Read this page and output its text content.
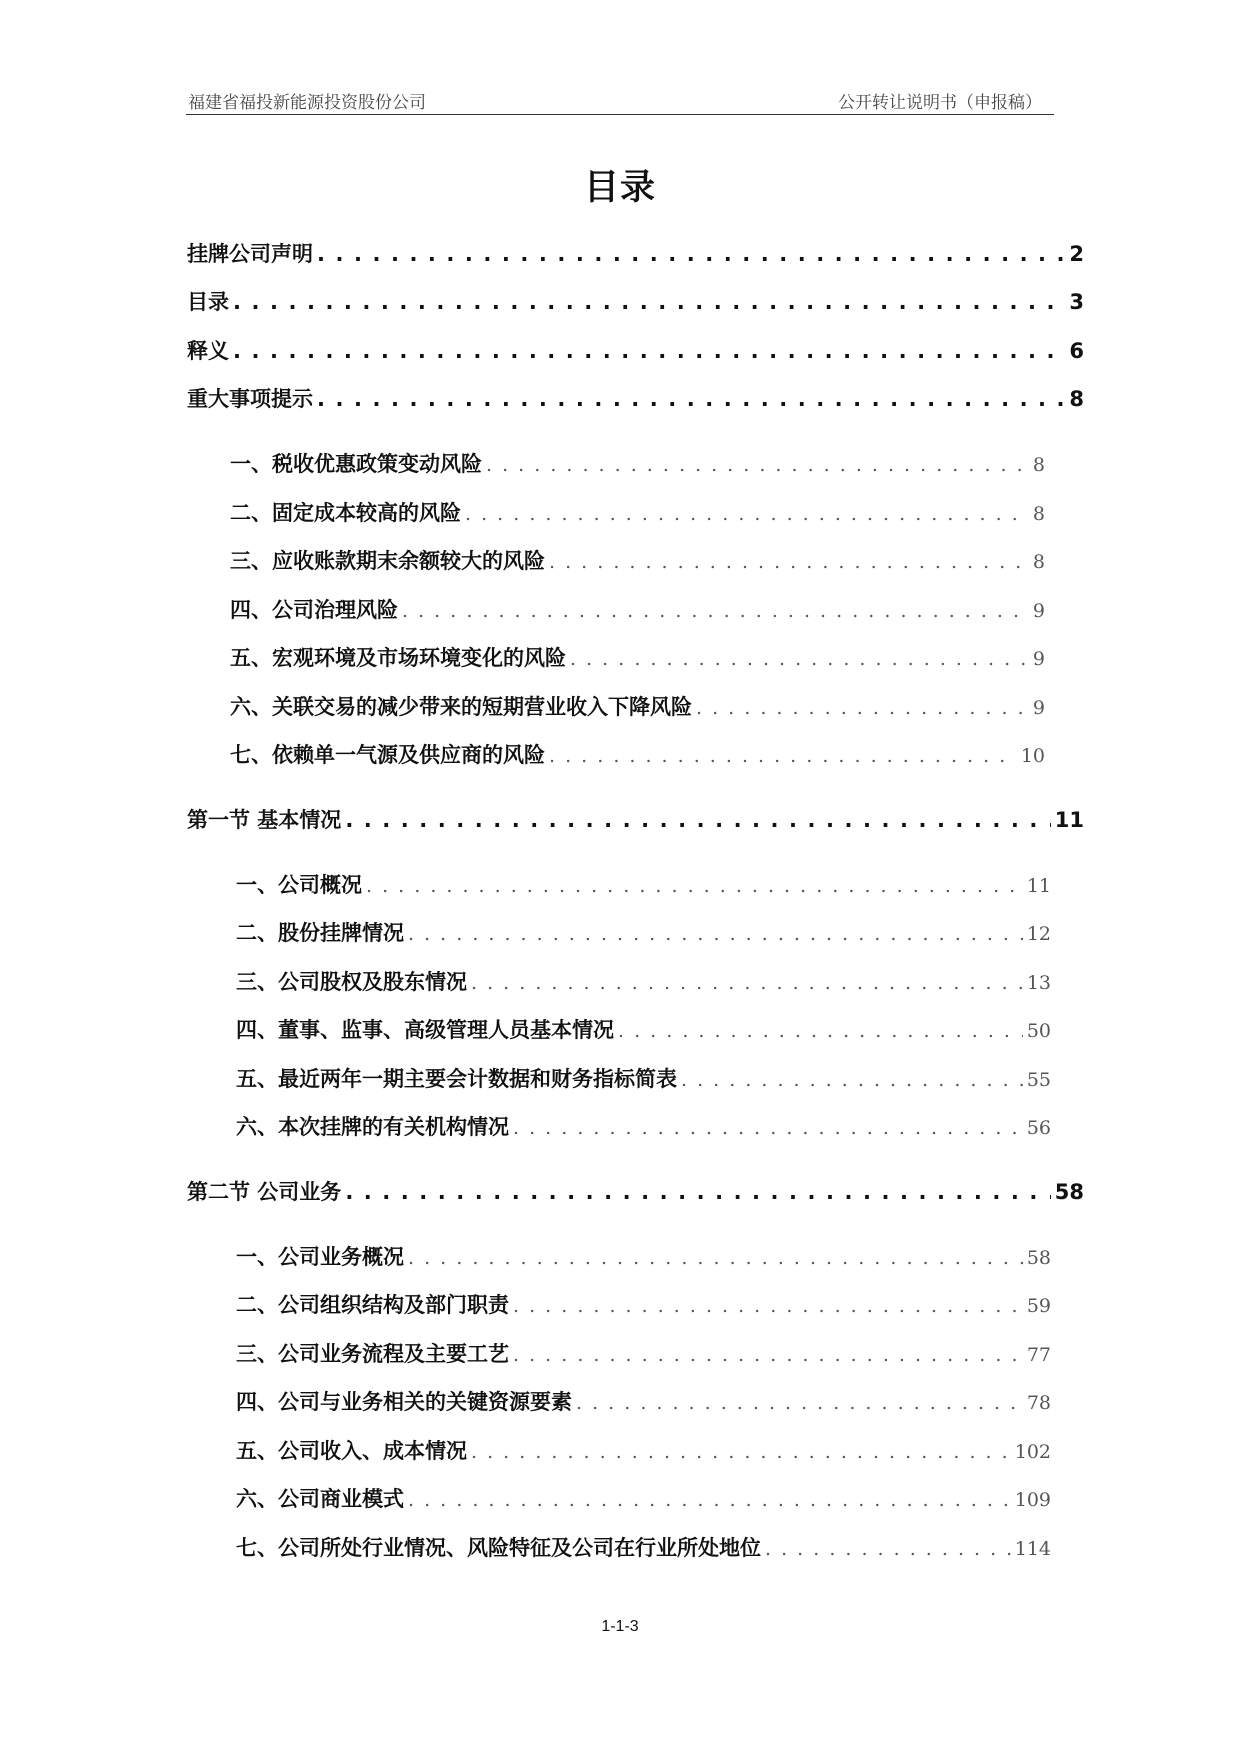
福建省福投新能源投资股份公司	公开转让说明书（申报稿）
目录
挂牌公司声明 . . .	2
目录 . . .	3
释义 . . .	6
重大事项提示 . . .	8
一、税收优惠政策变动风险 . . .	8
二、固定成本较高的风险 . . .	8
三、应收账款期末余额较大的风险 . . .	8
四、公司治理风险 . . .	9
五、宏观环境及市场环境变化的风险 . . .	9
六、关联交易的减少带来的短期营业收入下降风险 . . .	9
七、依赖单一气源及供应商的风险 . . .	10
第一节 基本情况 . . .	11
一、公司概况 . . .	11
二、股份挂牌情况 . . .	12
三、公司股权及股东情况 . . .	13
四、董事、监事、高级管理人员基本情况 . . .	50
五、最近两年一期主要会计数据和财务指标简表 . . .	55
六、本次挂牌的有关机构情况 . . .	56
第二节 公司业务 . . .	58
一、公司业务概况 . . .	58
二、公司组织结构及部门职责 . . .	59
三、公司业务流程及主要工艺 . . .	77
四、公司与业务相关的关键资源要素 . . .	78
五、公司收入、成本情况 . . .	102
六、公司商业模式 . . .	109
七、公司所处行业情况、风险特征及公司在行业所处地位 . . .	114
1-1-3
